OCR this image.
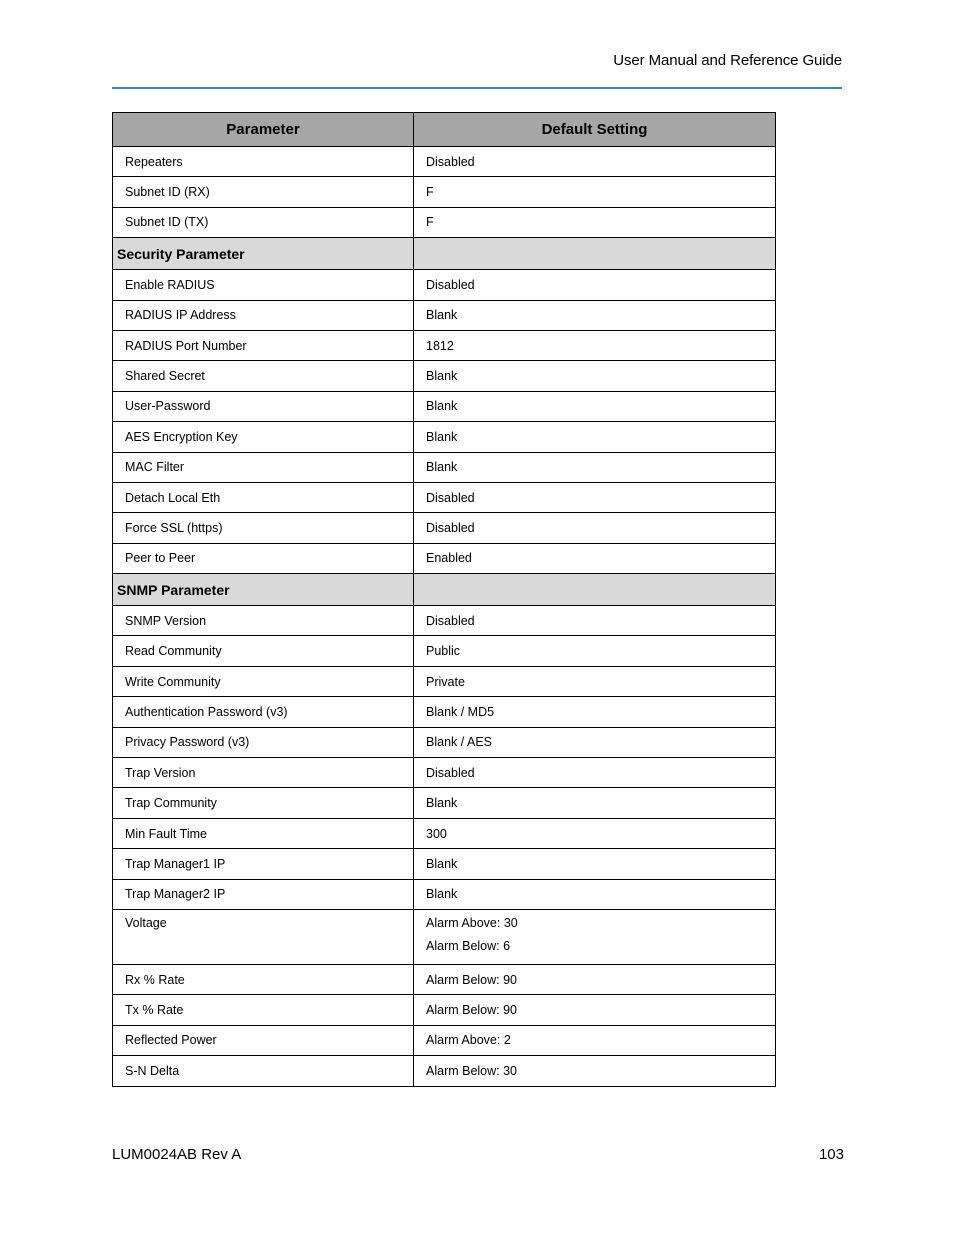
User Manual and Reference Guide
Parameter	Default Setting

Repeaters	Disabled

Subnet ID (RX)	F

Subnet ID (TX)	F

Security Parameter	

Enable RADIUS	Disabled

RADIUS IP Address	Blank

RADIUS Port Number	1812

Shared Secret	Blank

User-Password	Blank

AES Encryption Key	Blank

MAC Filter	Blank

Detach Local Eth	Disabled

Force SSL (https)	Disabled

Peer to Peer	Enabled

SNMP Parameter	

SNMP Version	Disabled

Read Community	Public

Write Community	Private

Authentication Password (v3)	Blank / MD5

Privacy Password (v3)	Blank / AES

Trap Version	Disabled

Trap Community	Blank

Min Fault Time	300

Trap Manager1 IP	Blank

Trap Manager2 IP	Blank

Voltage	Alarm Above: 30
Alarm Below: 6

Rx % Rate	Alarm Below: 90

Tx % Rate	Alarm Below: 90

Reflected Power	Alarm Above: 2

S-N Delta	Alarm Below: 30
LUM0024AB Rev A	103
